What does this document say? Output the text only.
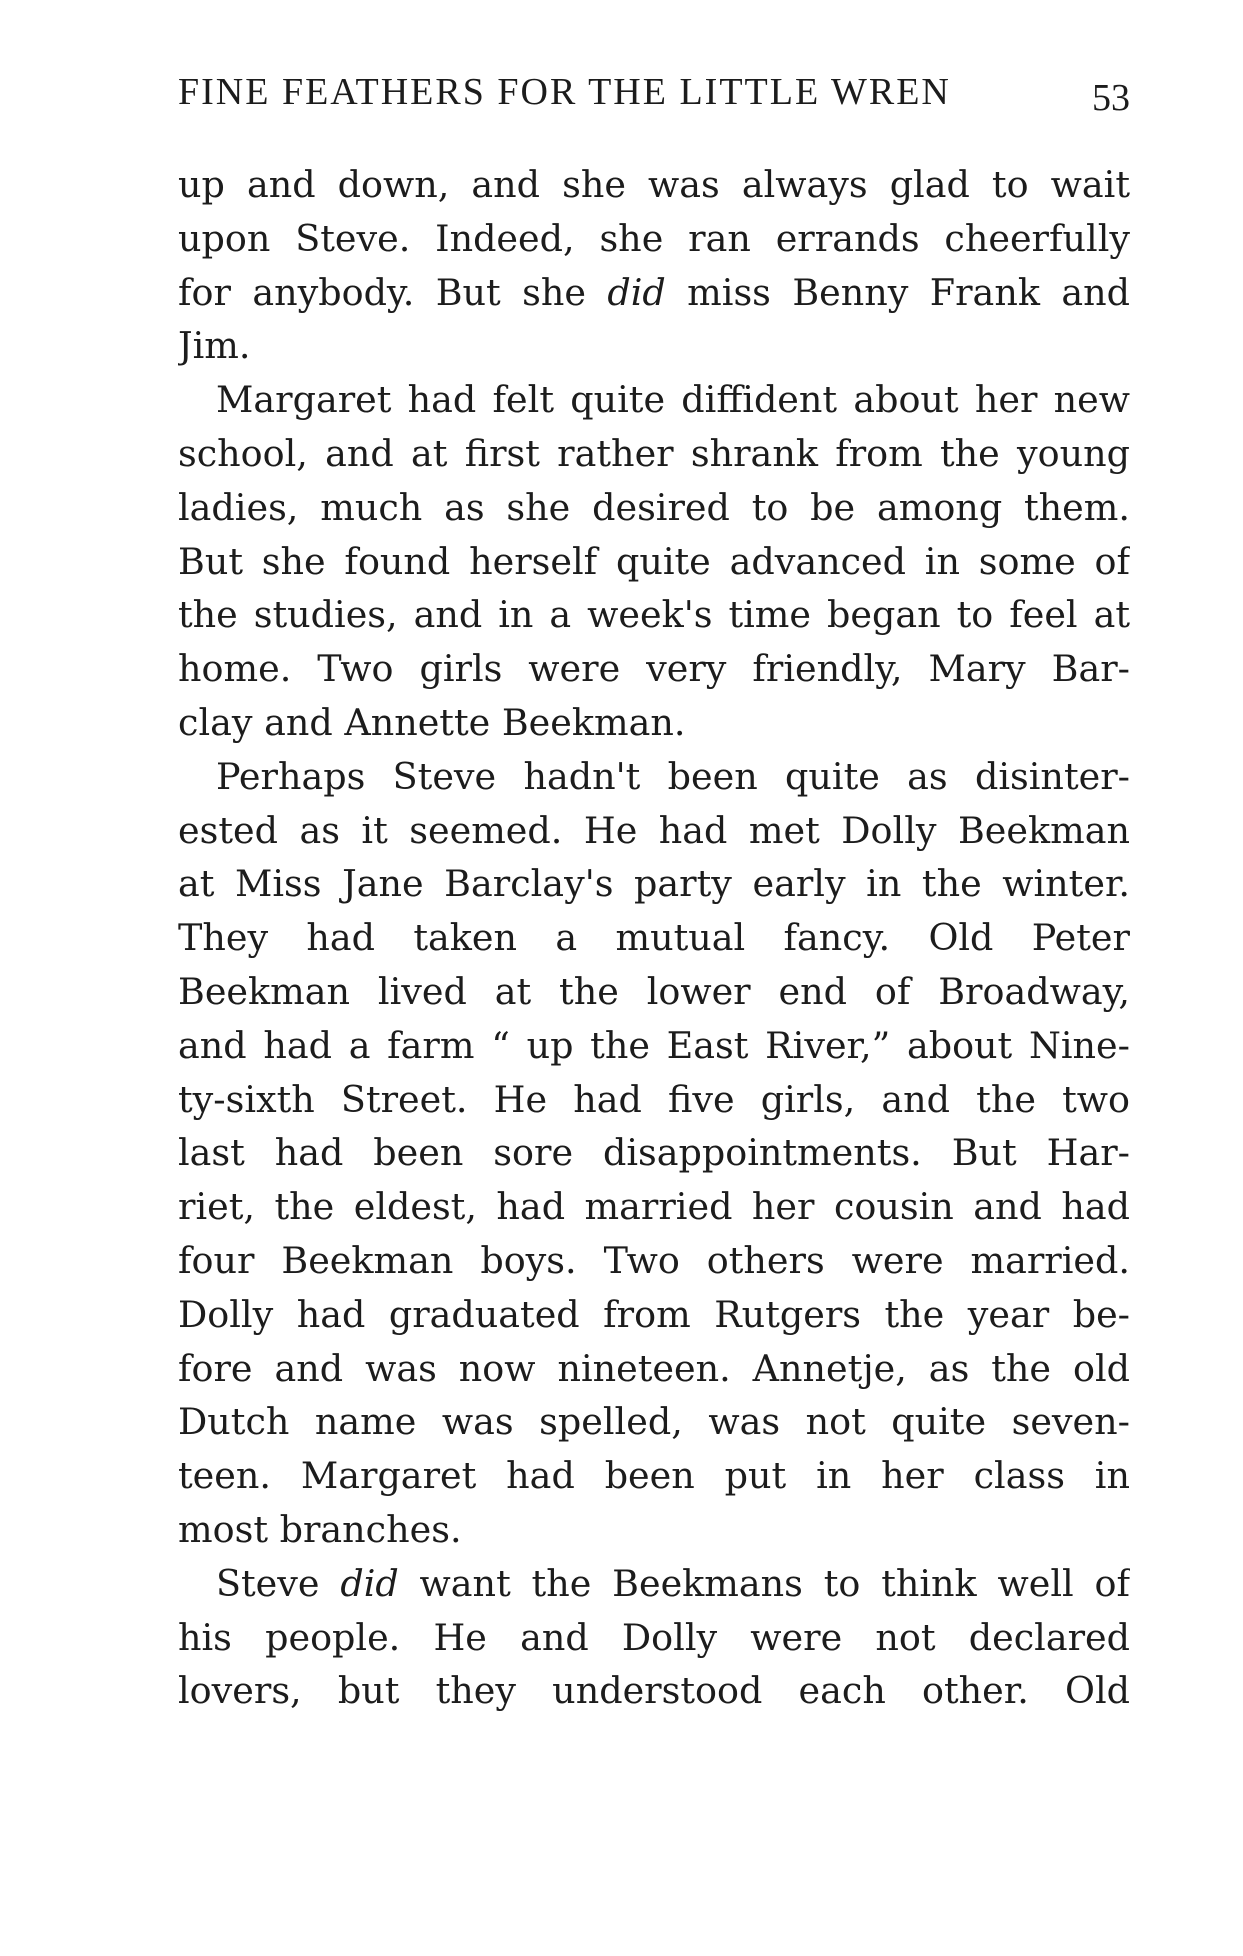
FINE FEATHERS FOR THE LITTLE WREN	53
up and down, and she was always glad to wait
upon Steve. Indeed, she ran errands cheerfully
for anybody. But she did miss Benny Frank and
Jim.
Margaret had felt quite diffident about her new
school, and at first rather shrank from the young
ladies, much as she desired to be among them.
But she found herself quite advanced in some of
the studies, and in a week's time began to feel at
home. Two girls were very friendly, Mary Bar-
clay and Annette Beekman.
Perhaps Steve hadn't been quite as disinter-
ested as it seemed. He had met Dolly Beekman
at Miss Jane Barclay's party early in the winter.
They had taken a mutual fancy. Old Peter
Beekman lived at the lower end of Broadway,
and had a farm “ up the East River,” about Nine-
ty-sixth Street. He had five girls, and the two
last had been sore disappointments. But Har-
riet, the eldest, had married her cousin and had
four Beekman boys. Two others were married.
Dolly had graduated from Rutgers the year be-
fore and was now nineteen. Annetje, as the old
Dutch name was spelled, was not quite seven-
teen. Margaret had been put in her class in
most branches.
Steve did want the Beekmans to think well of
his people. He and Dolly were not declared
lovers, but they understood each other. Old
